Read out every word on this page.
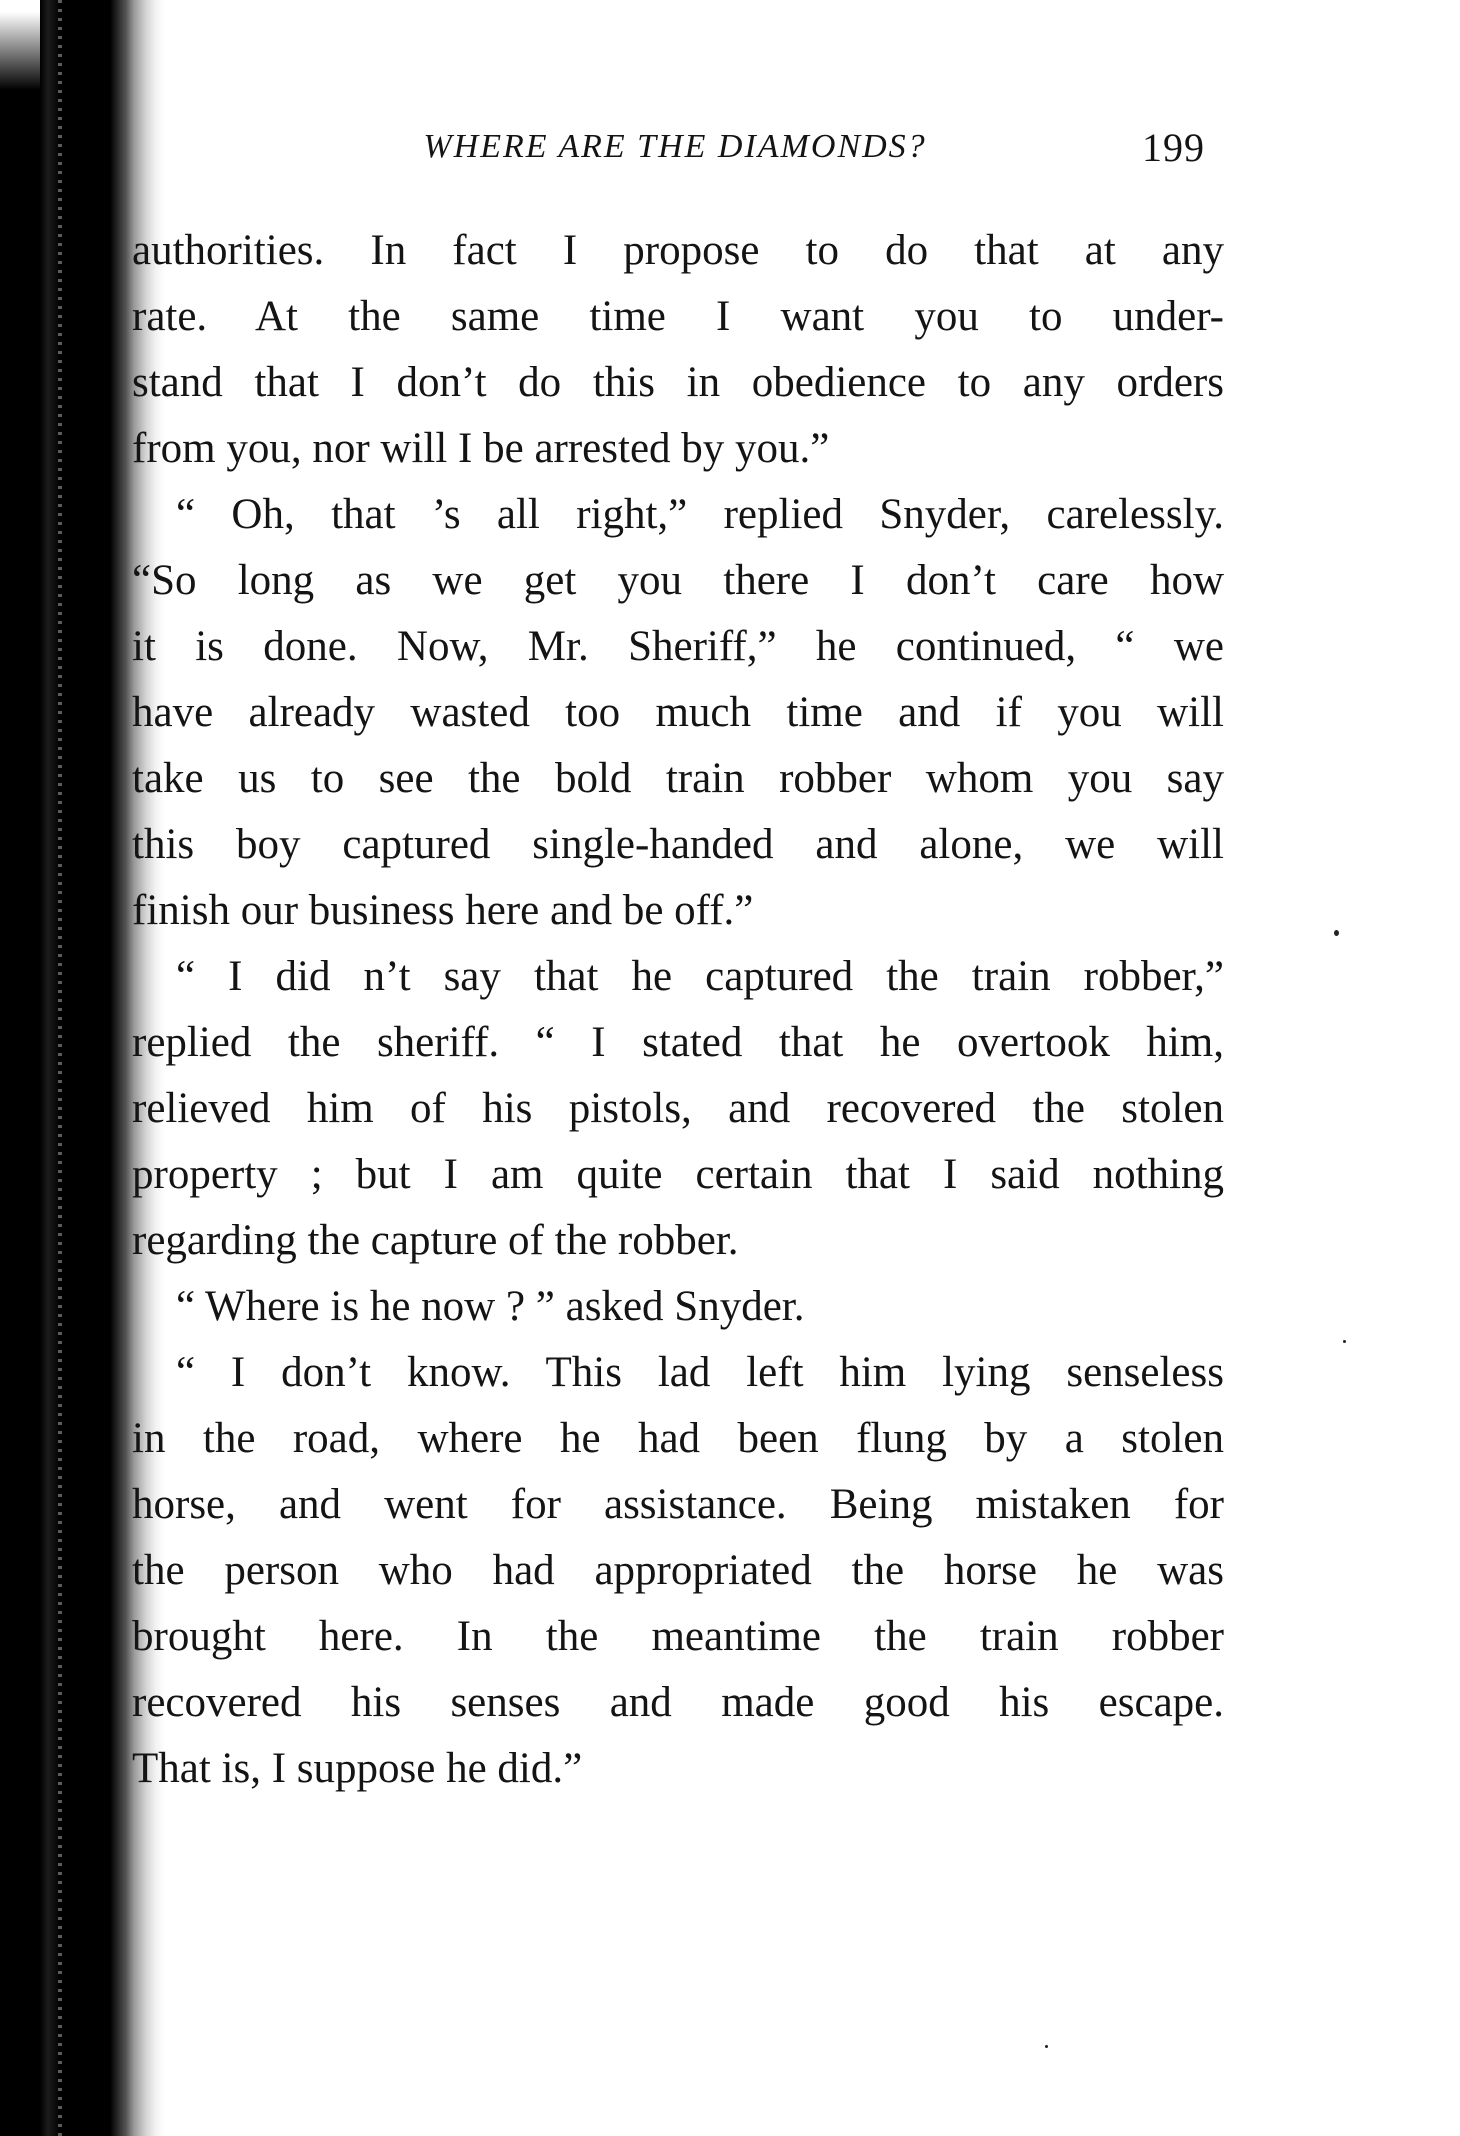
WHERE ARE THE DIAMONDS?	199
authorities. In fact I propose to do that at any
rate. At the same time I want you to under-
stand that I don’t do this in obedience to any orders
from you, nor will I be arrested by you.”
“ Oh, that ’s all right,” replied Snyder, carelessly.
“So long as we get you there I don’t care how
it is done. Now, Mr. Sheriff,” he continued, “ we
have already wasted too much time and if you will
take us to see the bold train robber whom you say
this boy captured single-handed and alone, we will
finish our business here and be off.”
“ I did n’t say that he captured the train robber,”
replied the sheriff. “ I stated that he overtook him,
relieved him of his pistols, and recovered the stolen
property ; but I am quite certain that I said nothing
regarding the capture of the robber.
“ Where is he now ? ” asked Snyder.
“ I don’t know. This lad left him lying senseless
in the road, where he had been flung by a stolen
horse, and went for assistance. Being mistaken for
the person who had appropriated the horse he was
brought here. In the meantime the train robber
recovered his senses and made good his escape.
That is, I suppose he did.”
